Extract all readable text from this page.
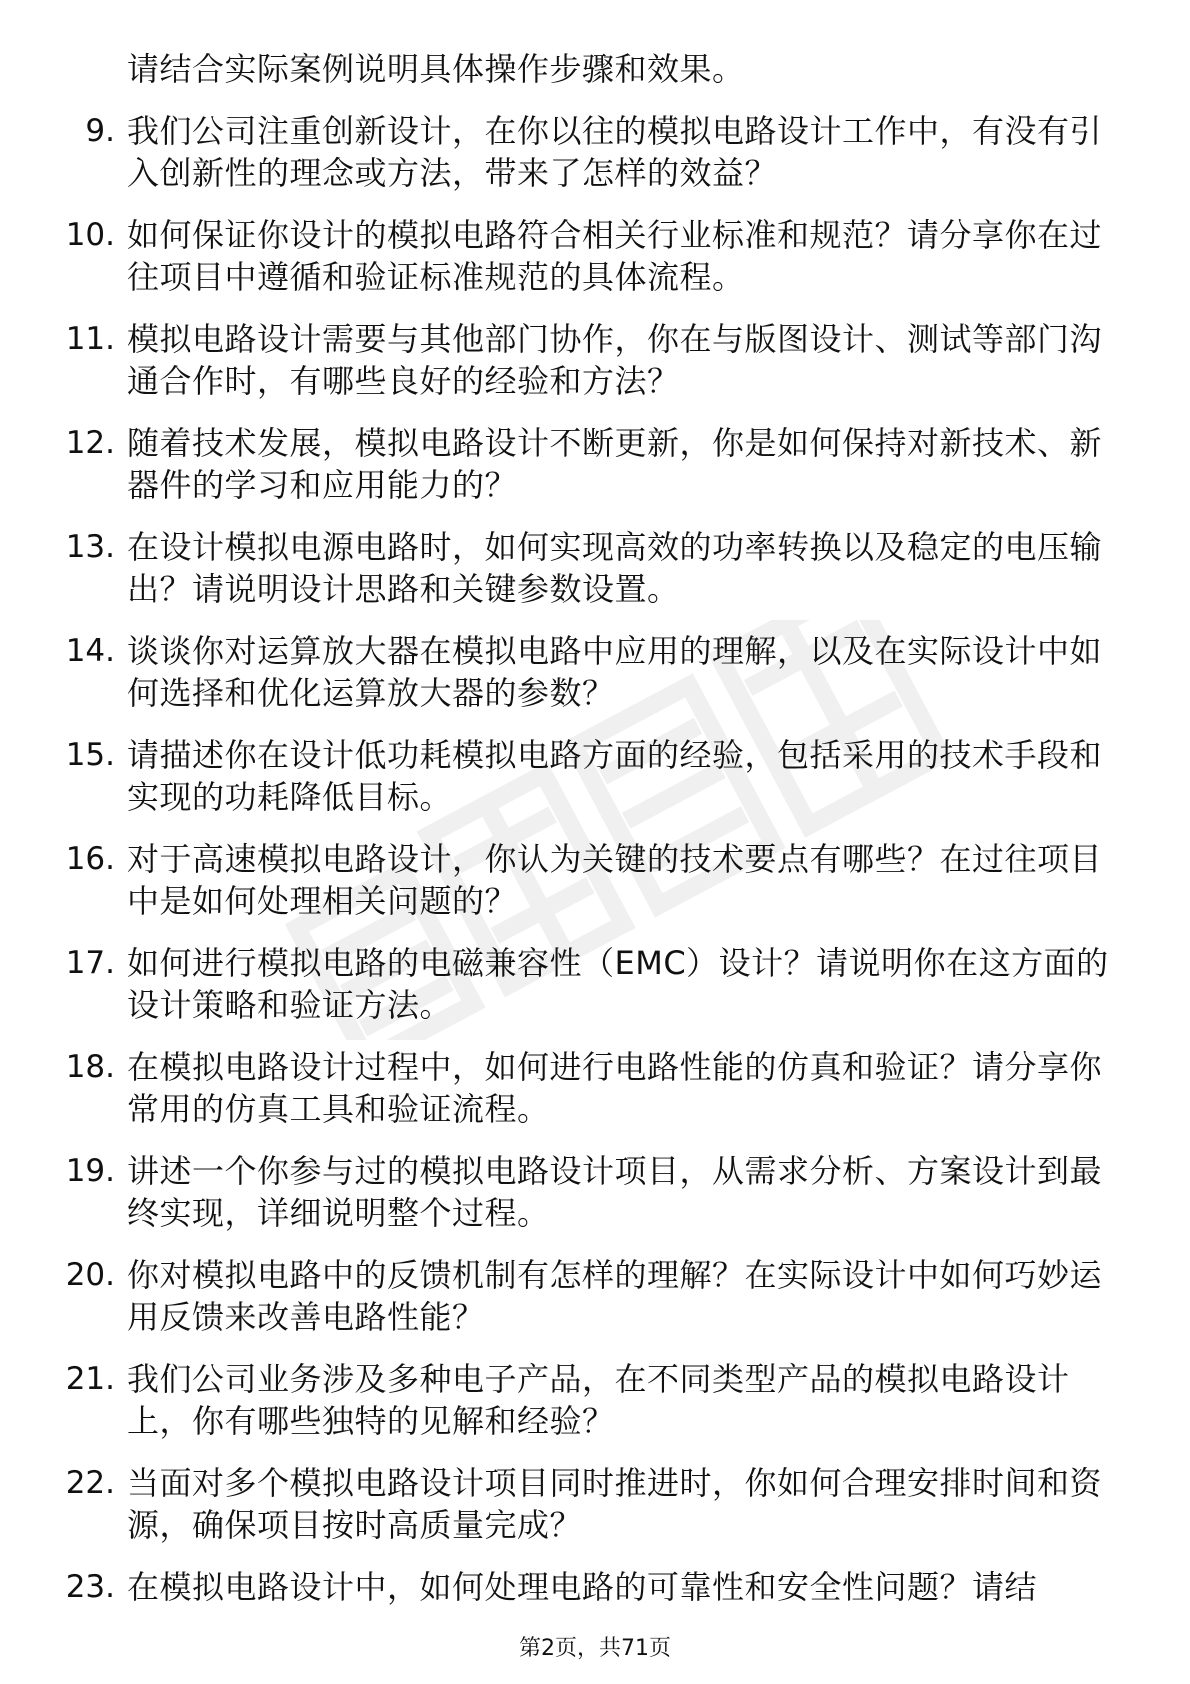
请结合实际案例说明具体操作步骤和效果。

9. 我们公司注重创新设计，在你以往的模拟电路设计工作中，有没有引入创新性的理念或方法，带来了怎样的效益？
10. 如何保证你设计的模拟电路符合相关行业标准和规范？请分享你在过往项目中遵循和验证标准规范的具体流程。
11. 模拟电路设计需要与其他部门协作，你在与版图设计、测试等部门沟通合作时，有哪些良好的经验和方法？
12. 随着技术发展，模拟电路设计不断更新，你是如何保持对新技术、新器件的学习和应用能力的？
13. 在设计模拟电源电路时，如何实现高效的功率转换以及稳定的电压输出？请说明设计思路和关键参数设置。
14. 谈谈你对运算放大器在模拟电路中应用的理解，以及在实际设计中如何选择和优化运算放大器的参数？
15. 请描述你在设计低功耗模拟电路方面的经验，包括采用的技术手段和实现的功耗降低目标。
16. 对于高速模拟电路设计，你认为关键的技术要点有哪些？在过往项目中是如何处理相关问题的？
17. 如何进行模拟电路的电磁兼容性（EMC）设计？请说明你在这方面的设计策略和验证方法。
18. 在模拟电路设计过程中，如何进行电路性能的仿真和验证？请分享你常用的仿真工具和验证流程。
19. 讲述一个你参与过的模拟电路设计项目，从需求分析、方案设计到最终实现，详细说明整个过程。
20. 你对模拟电路中的反馈机制有怎样的理解？在实际设计中如何巧妙运用反馈来改善电路性能？
21. 我们公司业务涉及多种电子产品，在不同类型产品的模拟电路设计上，你有哪些独特的见解和经验？
22. 当面对多个模拟电路设计项目同时推进时，你如何合理安排时间和资源，确保项目按时高质量完成？
23. 在模拟电路设计中，如何处理电路的可靠性和安全性问题？请结
第2页，共71页
